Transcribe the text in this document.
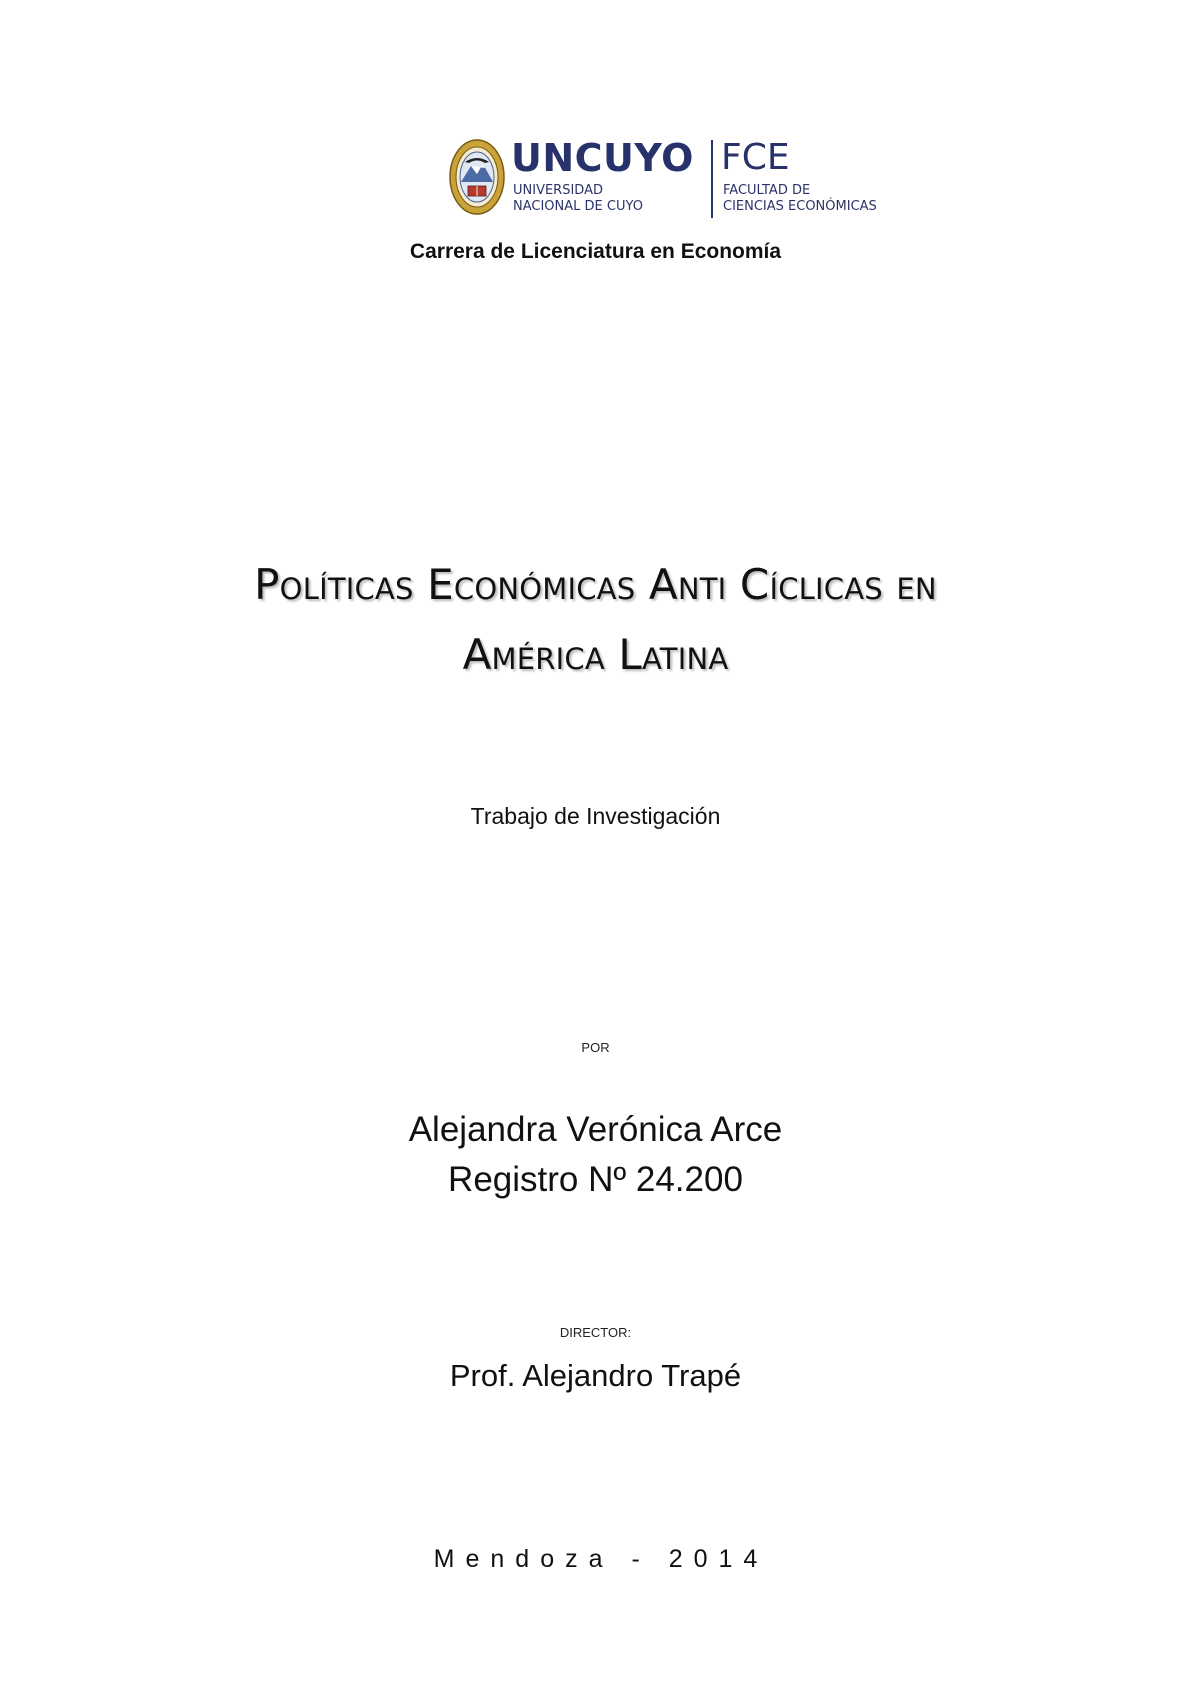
UNCUYO
UNIVERSIDAD
NACIONAL DE CUYO
FCE
FACULTAD DE
CIENCIAS ECONÓMICAS
Carrera de Licenciatura en Economía
Políticas Económicas Anti Cíclicas en
América Latina
Trabajo de Investigación
POR
Alejandra Verónica Arce
Registro Nº 24.200
DIRECTOR:
Prof. Alejandro Trapé
Mendoza - 2014
